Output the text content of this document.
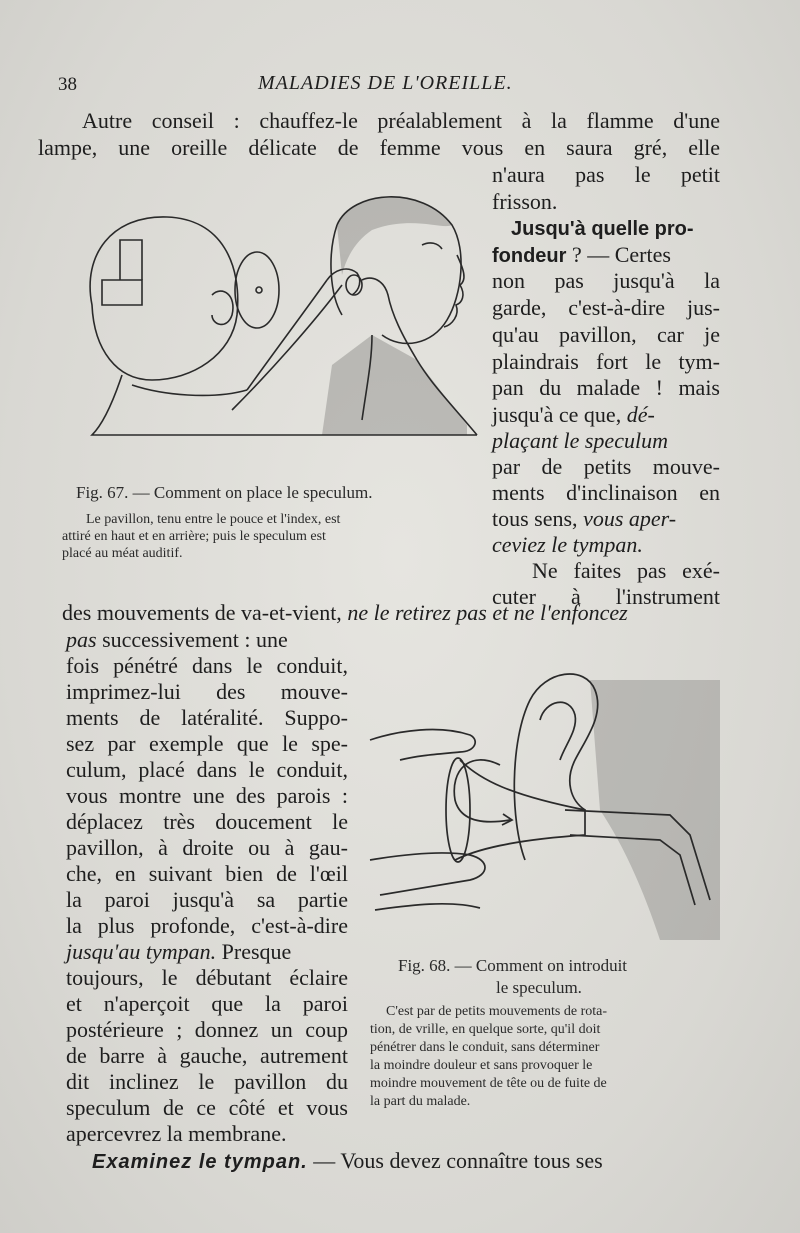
38	MALADIES DE L'OREILLE.
Autre conseil : chauffez-le préalablement à la flamme d'une
lampe, une oreille délicate de femme vous en saura gré, elle
n'aura pas le petit
frisson.
Jusqu'à quelle pro-
fondeur ? — Certes
non pas jusqu'à la
garde, c'est-à-dire jus-
qu'au pavillon, car je
plaindrais fort le tym-
pan du malade ! mais
jusqu'à ce que, dé-
plaçant le speculum
par de petits mouve-
ments d'inclinaison en
tous sens, vous aper-
ceviez le tympan.
Ne faites pas exé-
cuter à l'instrument
Fig. 67. — Comment on place le speculum.
Le pavillon, tenu entre le pouce et l'index, est
attiré en haut et en arrière; puis le speculum est
placé au méat auditif.
des mouvements de va-et-vient, ne le retirez pas et ne l'enfoncez
pas successivement : une
fois pénétré dans le conduit,
imprimez-lui des mouve-
ments de latéralité. Suppo-
sez par exemple que le spe-
culum, placé dans le conduit,
vous montre une des parois :
déplacez très doucement le
pavillon, à droite ou à gau-
che, en suivant bien de l'œil
la paroi jusqu'à sa partie
la plus profonde, c'est-à-dire
jusqu'au tympan. Presque
toujours, le débutant éclaire
et n'aperçoit que la paroi
postérieure ; donnez un coup
de barre à gauche, autrement
dit inclinez le pavillon du
speculum de ce côté et vous
apercevrez la membrane.
Fig. 68. — Comment on introduit
le speculum.
C'est par de petits mouvements de rota-
tion, de vrille, en quelque sorte, qu'il doit
pénétrer dans le conduit, sans déterminer
la moindre douleur et sans provoquer le
moindre mouvement de tête ou de fuite de
la part du malade.
Examinez le tympan. — Vous devez connaître tous ses
